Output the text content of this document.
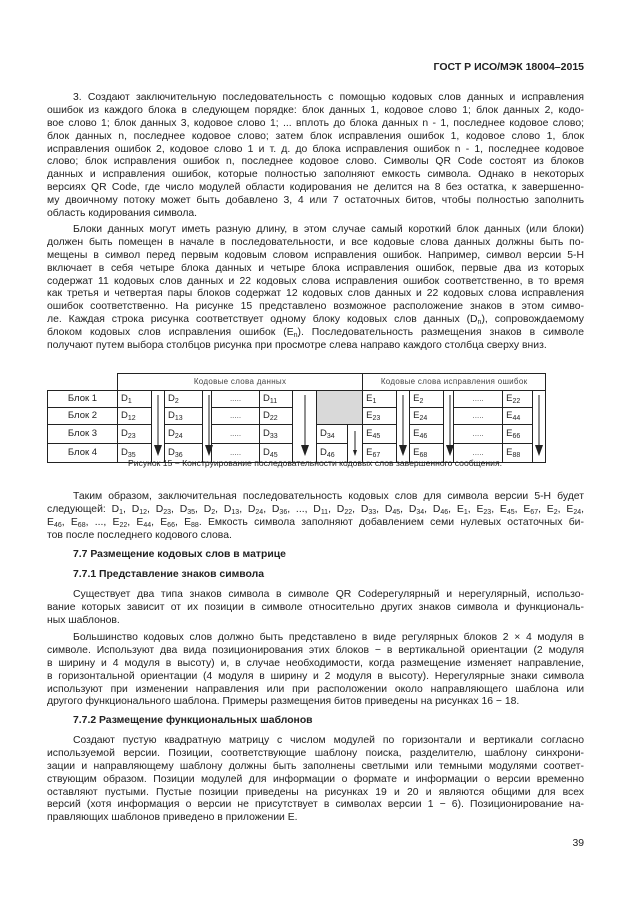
ГОСТ Р ИСО/МЭК 18004–2015
3. Создают заключительную последовательность с помощью кодовых слов данных и исправления
ошибок из каждого блока в следующем порядке: блок данных 1, кодовое слово 1; блок данных 2, кодо-
вое слово 1; блок данных 3, кодовое слово 1; ... вплоть до блока данных n - 1, последнее кодовое слово;
блок данных n, последнее кодовое слово; затем блок исправления ошибок 1, кодовое слово 1, блок
исправления ошибок 2, кодовое слово 1 и т. д. до блока исправления ошибок n - 1, последнее кодовое
слово; блок исправления ошибок n, последнее кодовое слово. Символы QR Code состоят из блоков
данных и исправления ошибок, которые полностью заполняют емкость символа. Однако в некоторых
версиях QR Code, где число модулей области кодирования не делится на 8 без остатка, к завершенно-
му двоичному потоку может быть добавлено 3, 4 или 7 остаточных битов, чтобы полностью заполнить
область кодирования символа.
Блоки данных могут иметь разную длину, в этом случае самый короткий блок данных (или блоки)
должен быть помещен в начале в последовательности, и все кодовые слова данных должны быть по-
мещены в символ перед первым кодовым словом исправления ошибок. Например, символ версии 5-H
включает в себя четыре блока данных и четыре блока исправления ошибок, первые два из которых
содержат 11 кодовых слов данных и 22 кодовых слова исправления ошибок соответственно, в то время
как третья и четвертая пары блоков содержат 12 кодовых слов данных и 22 кодовых слова исправления
ошибок соответственно. На рисунке 15 представлено возможное расположение знаков в этом симво-
ле. Каждая строка рисунка соответствует одному блоку кодовых слов данных $(D_n)$, сопровождаемому
блоком кодовых слов исправления ошибок $(E_n)$. Последовательность размещения знаков в символе
получают путем выбора столбцов рисунка при просмотре слева направо каждого столбца сверху вниз.
	Кодовые слова данных									Кодовые слова исправления ошибок						
Блок 1	$D_1$		$D_2$		.....	$D_{11}$				$E_1$		$E_2$		.....	$E_{22}$	
Блок 2	$D_{12}$		$D_{13}$		.....	$D_{22}$				$E_{23}$		$E_{24}$		.....	$E_{44}$
Блок 3	$D_{23}$		$D_{24}$		.....	$D_{33}$		$D_{34}$		$E_{45}$		$E_{46}$		.....	$E_{66}$
Блок 4	$D_{35}$		$D_{36}$		.....	$D_{45}$		$D_{46}$		$E_{67}$		$E_{68}$		.....	$E_{88}$
Рисунок 15 − Конструирование последовательности кодовых слов завершенного сообщения.
Таким образом, заключительная последовательность кодовых слов для символа версии 5-H будет
следующей: $D_1$, $D_{12}$, $D_{23}$, $D_{35}$, $D_2$, $D_{13}$, $D_{24}$, $D_{36}$, ..., $D_{11}$, $D_{22}$, $D_{33}$, $D_{45}$, $D_{34}$, $D_{46}$, $E_1$, $E_{23}$, $E_{45}$, $E_{67}$, $E_2$, $E_{24}$,
$E_{46}$, $E_{68}$, ..., $E_{22}$, $E_{44}$, $E_{66}$, $E_{88}$. Емкость символа заполняют добавлением семи нулевых остаточных би-
тов после последнего кодового слова.
7.7 Размещение кодовых слов в матрице
7.7.1 Представление знаков символа
Существует два типа знаков символа в символе QR Codeрегулярный и нерегулярный, использо-
вание которых зависит от их позиции в символе относительно других знаков символа и функциональ-
ных шаблонов.
Большинство кодовых слов должно быть представлено в виде регулярных блоков 2 × 4 модуля в
символе. Используют два вида позиционирования этих блоков − в вертикальной ориентации (2 модуля
в ширину и 4 модуля в высоту) и, в случае необходимости, когда размещение изменяет направление,
в горизонтальной ориентации (4 модуля в ширину и 2 модуля в высоту). Нерегулярные знаки символа
используют при изменении направления или при расположении около направляющего шаблона или
другого функционального шаблона. Примеры размещения битов приведены на рисунках 16 − 18.
7.7.2 Размещение функциональных шаблонов
Создают пустую квадратную матрицу с числом модулей по горизонтали и вертикали согласно
используемой версии. Позиции, соответствующие шаблону поиска, разделителю, шаблону синхрони-
зации и направляющему шаблону должны быть заполнены светлыми или темными модулями соответ-
ствующим образом. Позиции модулей для информации о формате и информации о версии временно
оставляют пустыми. Пустые позиции приведены на рисунках 19 и 20 и являются общими для всех
версий (хотя информация о версии не присутствует в символах версии 1 − 6). Позиционирование на-
правляющих шаблонов приведено в приложении E.
39
